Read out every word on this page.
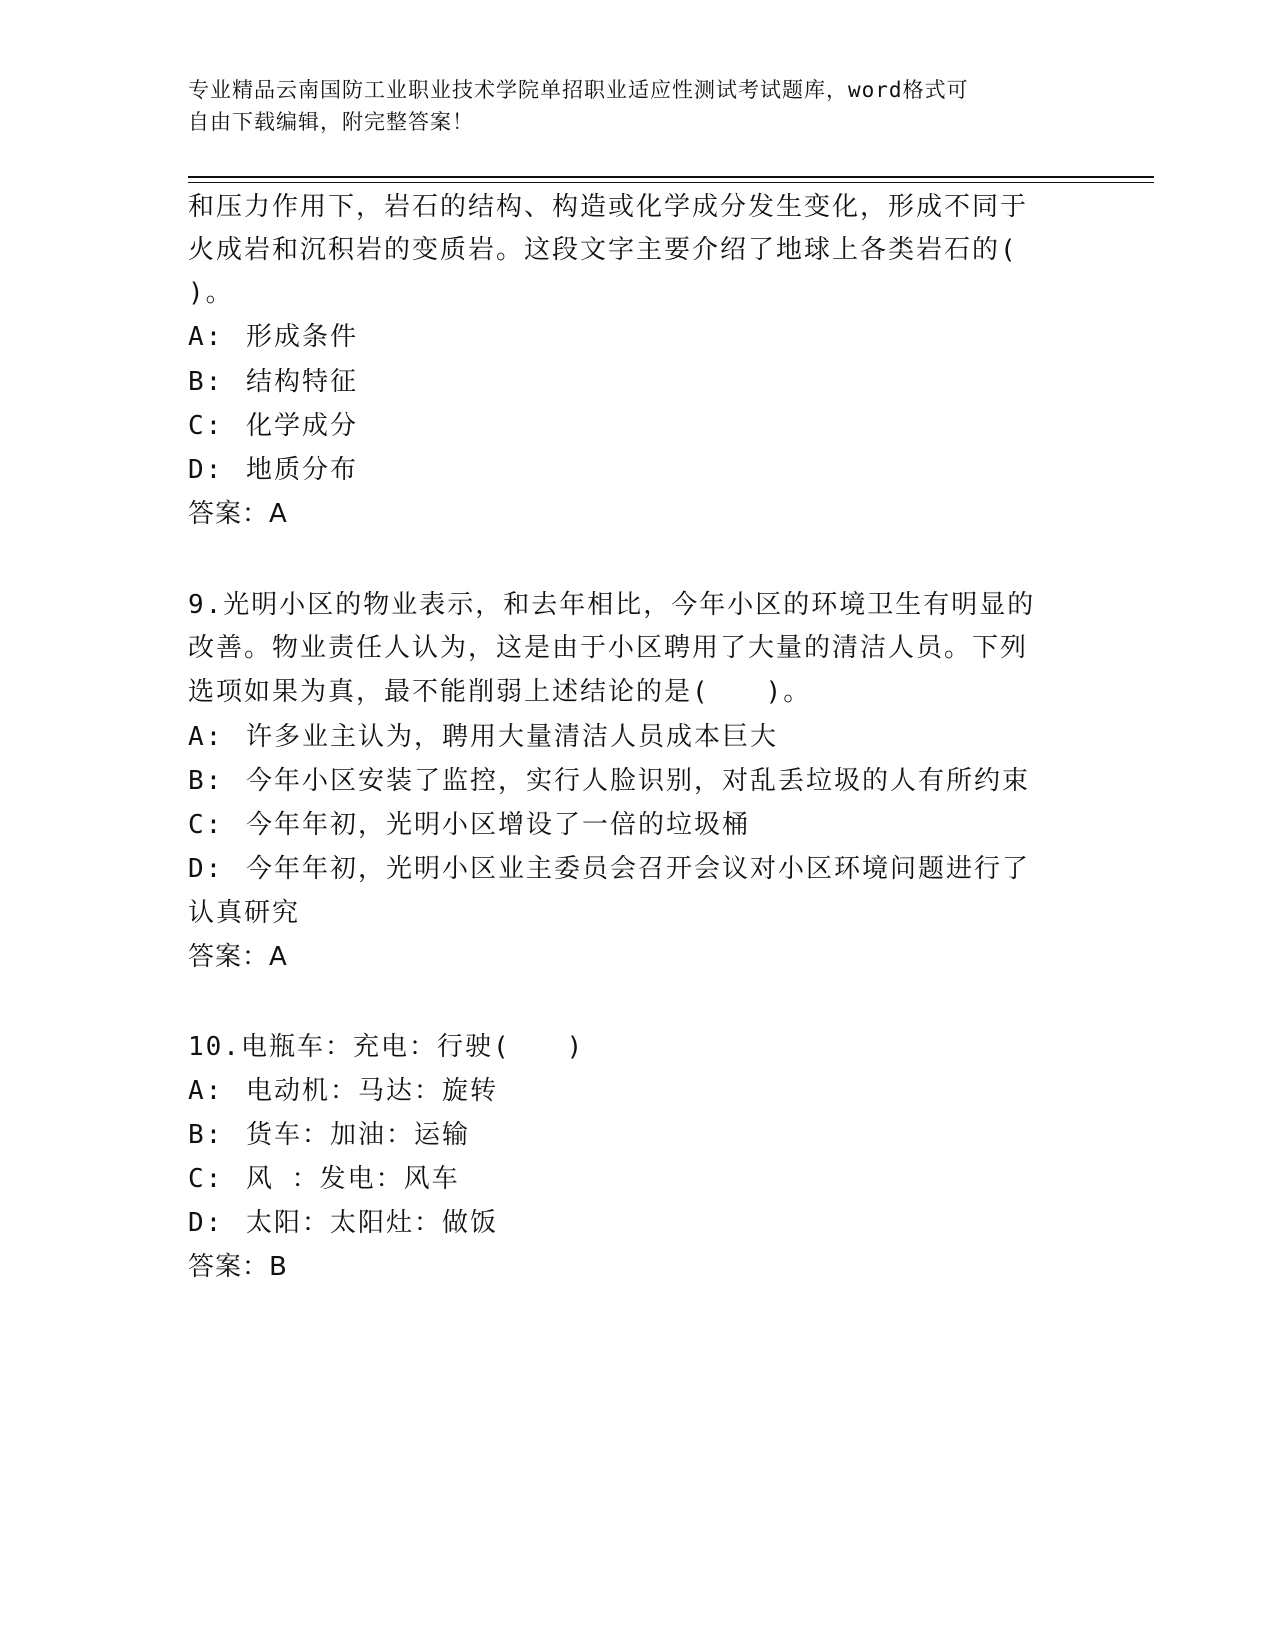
专业精品云南国防工业职业技术学院单招职业适应性测试考试题库，word格式可
自由下载编辑，附完整答案！
和压力作用下，岩石的结构、构造或化学成分发生变化，形成不同于
火成岩和沉积岩的变质岩。这段文字主要介绍了地球上各类岩石的(
)。
A: 形成条件
B: 结构特征
C: 化学成分
D: 地质分布
答案：A
9.光明小区的物业表示，和去年相比，今年小区的环境卫生有明显的
改善。物业责任人认为，这是由于小区聘用了大量的清洁人员。下列
选项如果为真，最不能削弱上述结论的是(　　)。
A: 许多业主认为，聘用大量清洁人员成本巨大
B: 今年小区安装了监控，实行人脸识别，对乱丢垃圾的人有所约束
C: 今年年初，光明小区增设了一倍的垃圾桶
D: 今年年初，光明小区业主委员会召开会议对小区环境问题进行了
认真研究
答案：A
10.电瓶车：充电：行驶(　　)
A: 电动机：马达：旋转
B: 货车：加油：运输
C: 风 ：发电：风车
D: 太阳：太阳灶：做饭
答案：B
